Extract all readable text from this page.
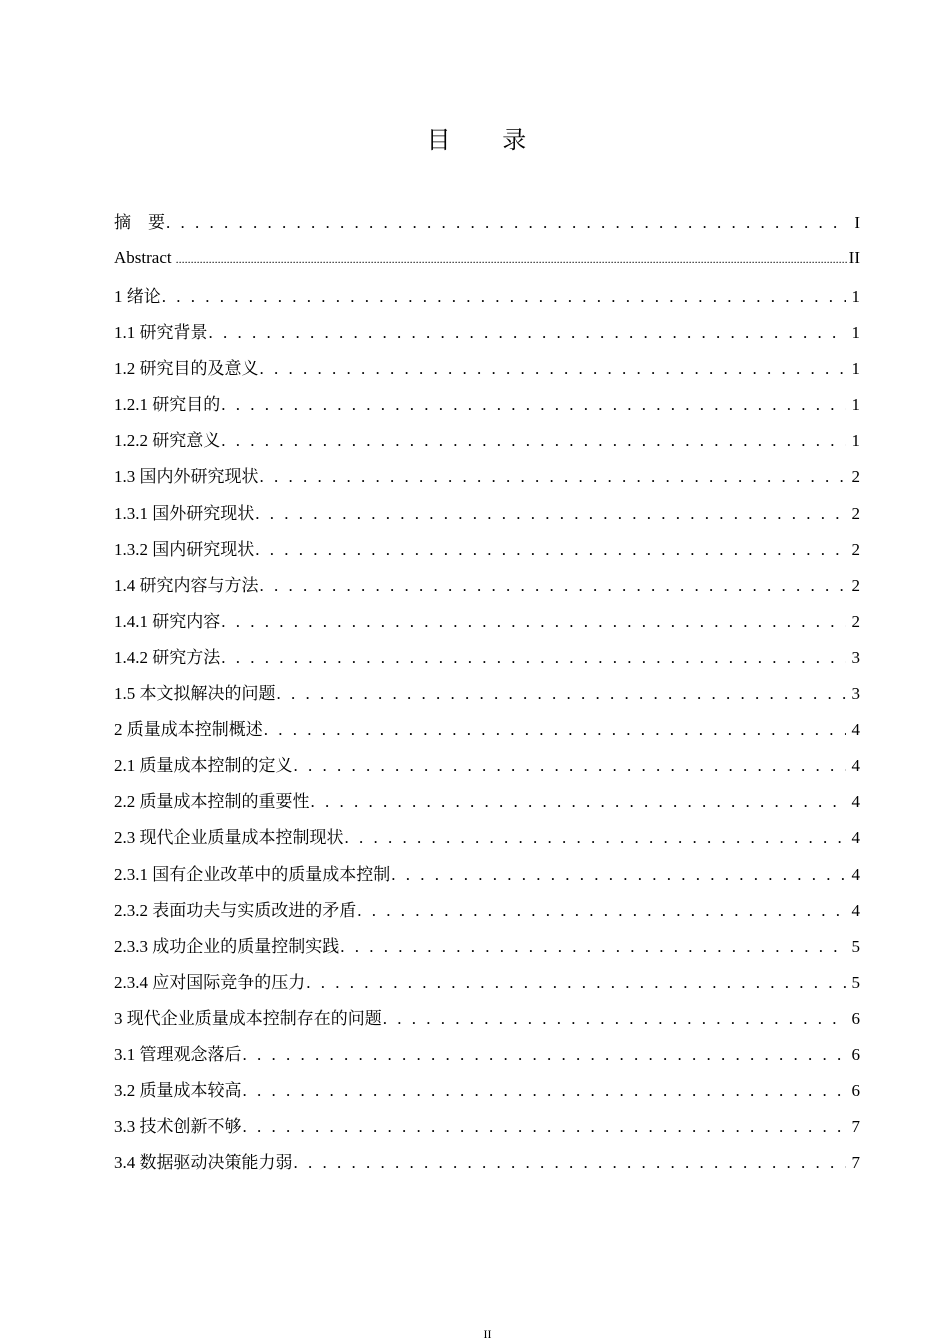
目 录
摘　要 . . .	I
Abstract .....	II
1 绪论 . . .	1
1.1 研究背景 . . .	1
1.2 研究目的及意义 . . .	1
1.2.1 研究目的 . . .	1
1.2.2 研究意义 . . .	1
1.3 国内外研究现状 . . .	2
1.3.1 国外研究现状 . . .	2
1.3.2 国内研究现状 . . .	2
1.4 研究内容与方法 . . .	2
1.4.1 研究内容 . . .	2
1.4.2 研究方法 . . .	3
1.5 本文拟解决的问题 . . .	3
2 质量成本控制概述 . . .	4
2.1 质量成本控制的定义 . . .	4
2.2 质量成本控制的重要性 . . .	4
2.3 现代企业质量成本控制现状 . . .	4
2.3.1 国有企业改革中的质量成本控制 . . .	4
2.3.2 表面功夫与实质改进的矛盾 . . .	4
2.3.3 成功企业的质量控制实践 . . .	5
2.3.4 应对国际竞争的压力 . . .	5
3 现代企业质量成本控制存在的问题 . . .	6
3.1 管理观念落后 . . .	6
3.2 质量成本较高 . . .	6
3.3 技术创新不够 . . .	7
3.4 数据驱动决策能力弱 . . .	7
II
